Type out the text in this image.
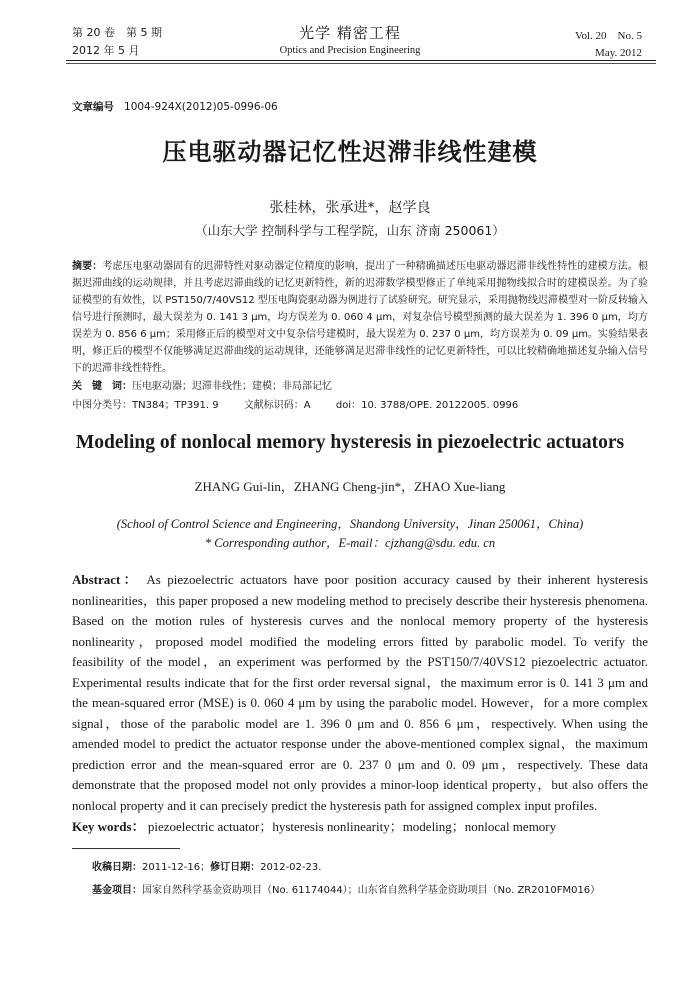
第 20 卷　第 5 期
2012 年 5 月
光学 精密工程
Optics and Precision Engineering
Vol. 20　No. 5
May. 2012
文章编号 1004-924X(2012)05-0996-06
压电驱动器记忆性迟滞非线性建模
张桂林，张承进*，赵学良
（山东大学 控制科学与工程学院，山东 济南 250061）
摘要：考虑压电驱动器固有的迟滞特性对驱动器定位精度的影响，提出了一种精确描述压电驱动器迟滞非线性特性的建模方法。根据迟滞曲线的运动规律，并且考虑迟滞曲线的记忆更新特性，新的迟滞数学模型修正了单纯采用抛物线拟合时的建模误差。为了验证模型的有效性，以 PST150/7/40VS12 型压电陶瓷驱动器为例进行了试验研究。研究显示，采用抛物线迟滞模型对一阶反转输入信号进行预测时，最大误差为 0. 141 3 μm，均方误差为 0. 060 4 μm，对复杂信号模型预测的最大误差为 1. 396 0 μm，均方误差为 0. 856 6 μm；采用修正后的模型对文中复杂信号建模时，最大误差为 0. 237 0 μm，均方误差为 0. 09 μm。实验结果表明，修正后的模型不仅能够满足迟滞曲线的运动规律，还能够满足迟滞非线性的记忆更新特性，可以比较精确地描述复杂输入信号下的迟滞非线性特性。
关　键　词：压电驱动器；迟滞非线性；建模；非局部记忆
中图分类号：TN384；TP391. 9	文献标识码：A	doi：10. 3788/OPE. 20122005. 0996
Modeling of nonlocal memory hysteresis in piezoelectric actuators
ZHANG Gui-lin，ZHANG Cheng-jin*，ZHAO Xue-liang
(School of Control Science and Engineering，Shandong University，Jinan 250061，China)
* Corresponding author，E-mail：cjzhang@sdu. edu. cn
Abstract： As piezoelectric actuators have poor position accuracy caused by their inherent hysteresis nonlinearities，this paper proposed a new modeling method to precisely describe their hysteresis phenomena. Based on the motion rules of hysteresis curves and the nonlocal memory property of the hysteresis nonlinearity，proposed model modified the modeling errors fitted by parabolic model. To verify the feasibility of the model，an experiment was performed by the PST150/7/40VS12 piezoelectric actuator. Experimental results indicate that for the first order reversal signal，the maximum error is 0. 141 3 μm and the mean-squared error (MSE) is 0. 060 4 μm by using the parabolic model. However，for a more complex signal，those of the parabolic model are 1. 396 0 μm and 0. 856 6 μm，respectively. When using the amended model to predict the actuator response under the above-mentioned complex signal，the maximum prediction error and the mean-squared error are 0. 237 0 μm and 0. 09 μm，respectively. These data demonstrate that the proposed model not only provides a minor-loop identical property，but also offers the nonlocal property and it can precisely predict the hysteresis path for assigned complex input profiles.
Key words： piezoelectric actuator；hysteresis nonlinearity；modeling；nonlocal memory
收稿日期：2011-12-16；修订日期：2012-02-23.
基金项目：国家自然科学基金资助项目（No. 61174044）；山东省自然科学基金资助项目（No. ZR2010FM016）
